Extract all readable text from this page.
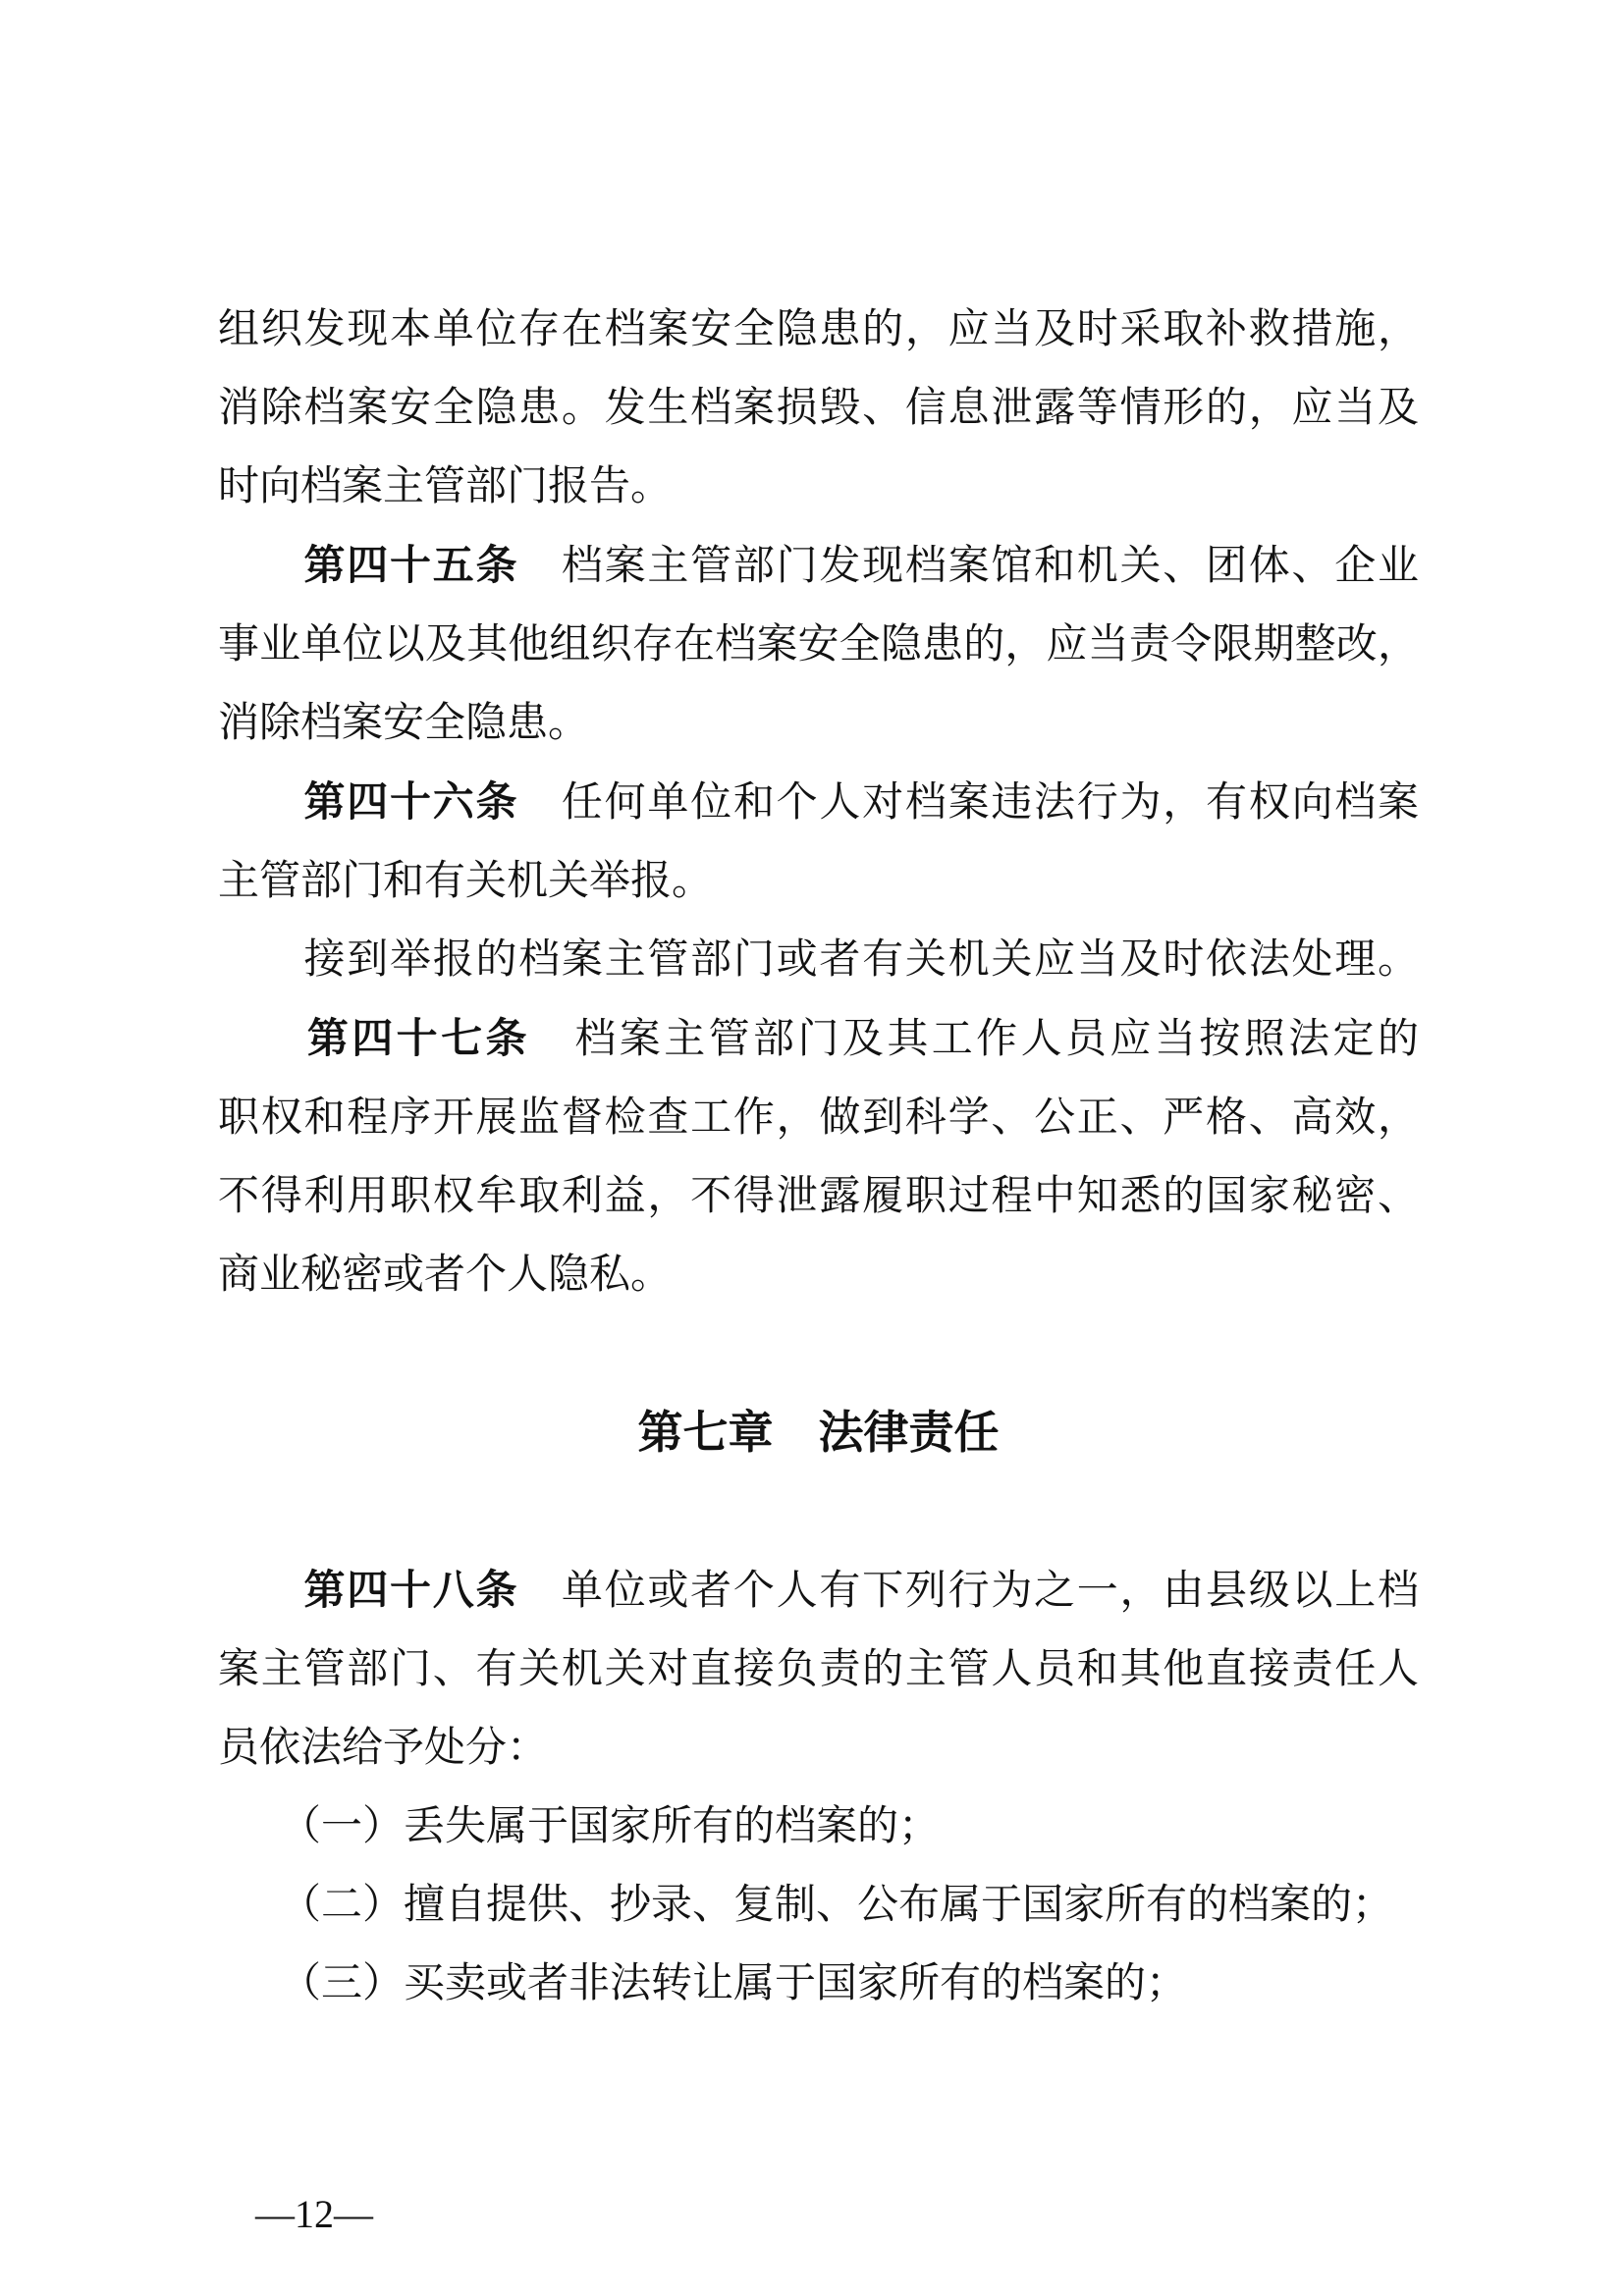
组织发现本单位存在档案安全隐患的，应当及时采取补救措施，
消除档案安全隐患。发生档案损毁、信息泄露等情形的，应当及
时向档案主管部门报告。
　　第四十五条　档案主管部门发现档案馆和机关、团体、企业
事业单位以及其他组织存在档案安全隐患的，应当责令限期整改，
消除档案安全隐患。
　　第四十六条　任何单位和个人对档案违法行为，有权向档案
主管部门和有关机关举报。
　　接到举报的档案主管部门或者有关机关应当及时依法处理。
　　第四十七条　档案主管部门及其工作人员应当按照法定的
职权和程序开展监督检查工作，做到科学、公正、严格、高效，
不得利用职权牟取利益，不得泄露履职过程中知悉的国家秘密、
商业秘密或者个人隐私。
第七章　法律责任
　　第四十八条　单位或者个人有下列行为之一，由县级以上档
案主管部门、有关机关对直接负责的主管人员和其他直接责任人
员依法给予处分：
　　（一）丢失属于国家所有的档案的；
　　（二）擅自提供、抄录、复制、公布属于国家所有的档案的；
　　（三）买卖或者非法转让属于国家所有的档案的；
—12—
